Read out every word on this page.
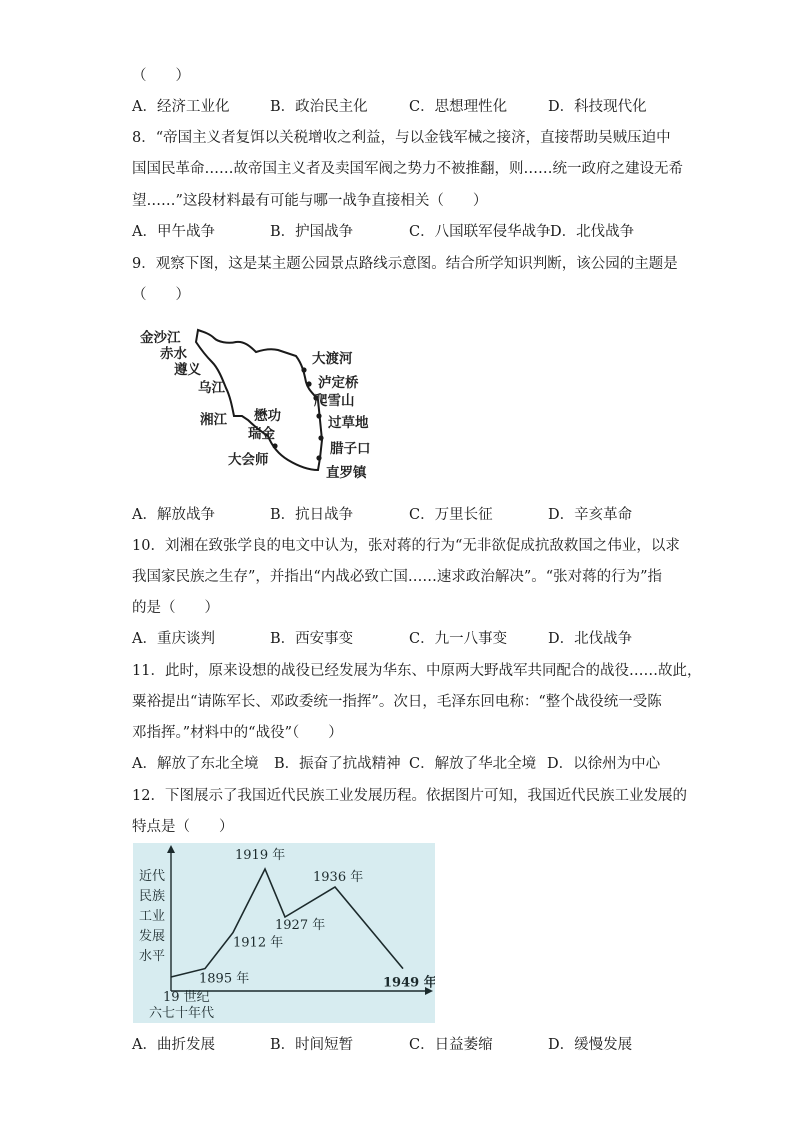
（　　）
A．经济工业化	B．政治民主化	C．思想理性化	D．科技现代化
8．“帝国主义者复饵以关税增收之利益，与以金钱军械之接济，直接帮助吴贼压迫中
国国民革命……故帝国主义者及卖国军阀之势力不被推翻，则……统一政府之建设无希
望……”这段材料最有可能与哪一战争直接相关（　　）
A．甲午战争	B．护国战争	C．八国联军侵华战争 D．北伐战争
9．观察下图，这是某主题公园景点路线示意图。结合所学知识判断，该公园的主题是
（　　）
金沙江
赤水
遵义
乌江
湘江
大会师
懋功
瑞金
大渡河
泸定桥
爬雪山
过草地
腊子口
直罗镇
A．解放战争	B．抗日战争	C．万里长征	D．辛亥革命
10．刘湘在致张学良的电文中认为，张对蒋的行为“无非欲促成抗敌救国之伟业，以求
我国家民族之生存”，并指出“内战必致亡国……速求政治解决”。“张对蒋的行为”指
的是（　　）
A．重庆谈判	B．西安事变	C．九一八事变	D．北伐战争
11．此时，原来设想的战役已经发展为华东、中原两大野战军共同配合的战役……故此，
粟裕提出“请陈军长、邓政委统一指挥”。次日，毛泽东回电称：“整个战役统一受陈
邓指挥。”材料中的“战役”（　　）
A．解放了东北全境 B．振奋了抗战精神 C．解放了华北全境 D．以徐州为中心
12．下图展示了我国近代民族工业发展历程。依据图片可知，我国近代民族工业发展的
特点是（　　）
近代
民族
工业
发展
水平
19 世纪
六七十年代
1895 年
1912 年
1919 年
1927 年
1936 年
1949 年
A．曲折发展	B．时间短暂	C．日益萎缩	D．缓慢发展
